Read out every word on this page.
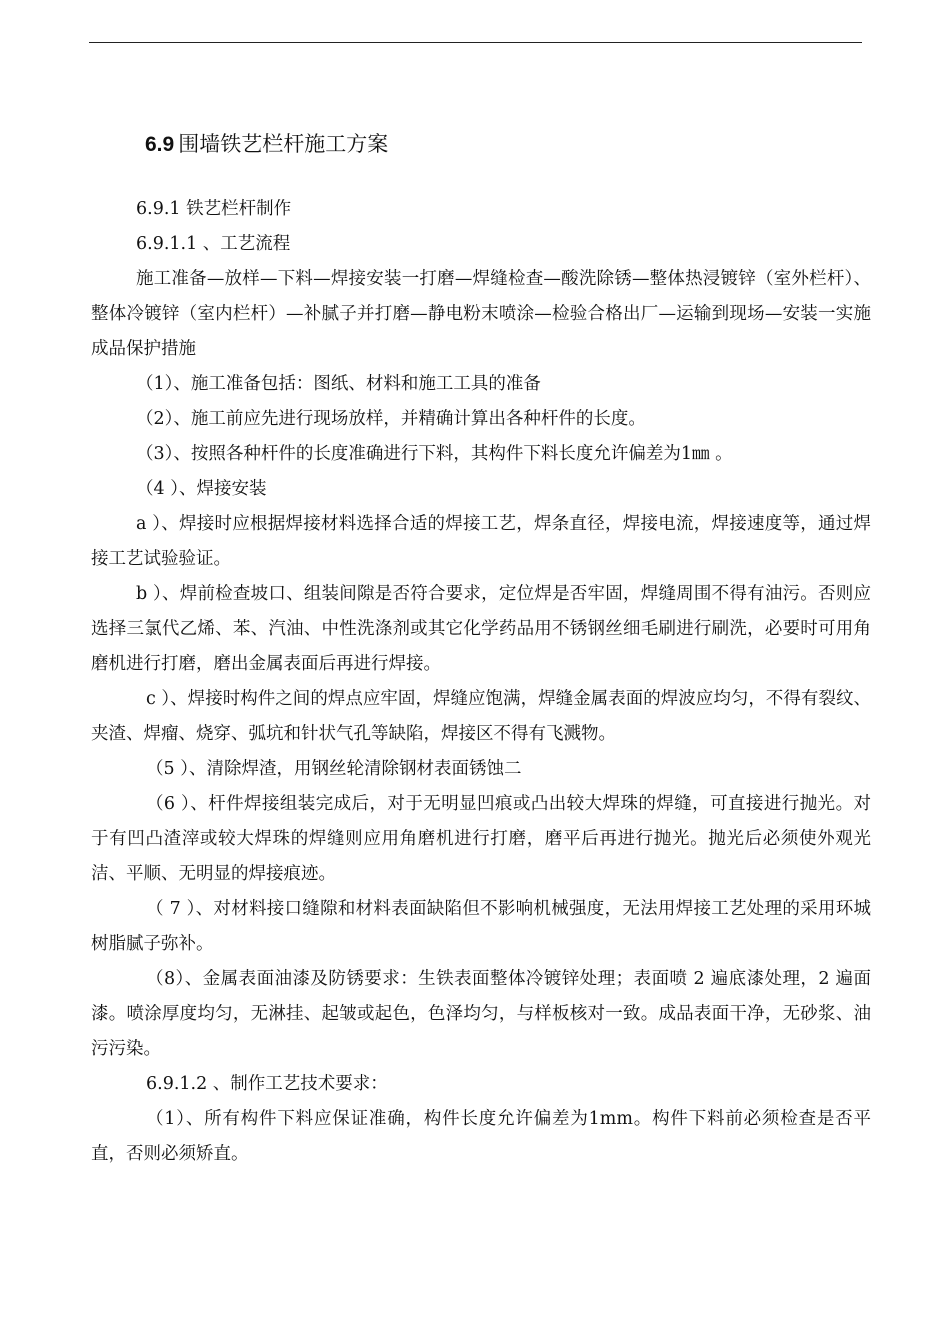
6.9 围墙铁艺栏杆施工方案

6.9.1 铁艺栏杆制作

6.9.1.1 、工艺流程

施工准备—放样—下料—焊接安装一打磨—焊缝检查—酸洗除锈—整体热浸镀锌（室外栏杆）、整体冷镀锌（室内栏杆）—补腻子并打磨—静电粉末喷涂—检验合格出厂—运输到现场—安装一实施成品保护措施

（1）、施工准备包括：图纸、材料和施工工具的准备

（2）、施工前应先进行现场放样，并精确计算出各种杆件的长度。

（3）、按照各种杆件的长度准确进行下料，其构件下料长度允许偏差为1㎜ 。

（4 ）、焊接安装

a ）、焊接时应根据焊接材料选择合适的焊接工艺，焊条直径，焊接电流，焊接速度等，通过焊接工艺试验验证。

b ）、焊前检查坡口、组装间隙是否符合要求，定位焊是否牢固，焊缝周围不得有油污。否则应选择三氯代乙烯、苯、汽油、中性洗涤剂或其它化学药品用不锈钢丝细毛刷进行刷洗，必要时可用角磨机进行打磨，磨出金属表面后再进行焊接。

c ）、焊接时构件之间的焊点应牢固，焊缝应饱满，焊缝金属表面的焊波应均匀，不得有裂纹、夹渣、焊瘤、烧穿、弧坑和针状气孔等缺陷，焊接区不得有飞溅物。

（5 ）、清除焊渣，用钢丝轮清除钢材表面锈蚀二

（6 ）、杆件焊接组装完成后，对于无明显凹痕或凸出较大焊珠的焊缝，可直接进行抛光。对于有凹凸渣滓或较大焊珠的焊缝则应用角磨机进行打磨，磨平后再进行抛光。抛光后必须使外观光洁、平顺、无明显的焊接痕迹。

（ 7 ）、对材料接口缝隙和材料表面缺陷但不影响机械强度，无法用焊接工艺处理的采用环城树脂腻子弥补。

（8）、金属表面油漆及防锈要求：生铁表面整体冷镀锌处理；表面喷 2 遍底漆处理，2 遍面漆。喷涂厚度均匀，无淋挂、起皱或起色，色泽均匀，与样板核对一致。成品表面干净，无砂浆、油污污染。

6.9.1.2 、制作工艺技术要求：

（1）、所有构件下料应保证准确，构件长度允许偏差为1mm。构件下料前必须检查是否平直，否则必须矫直。
